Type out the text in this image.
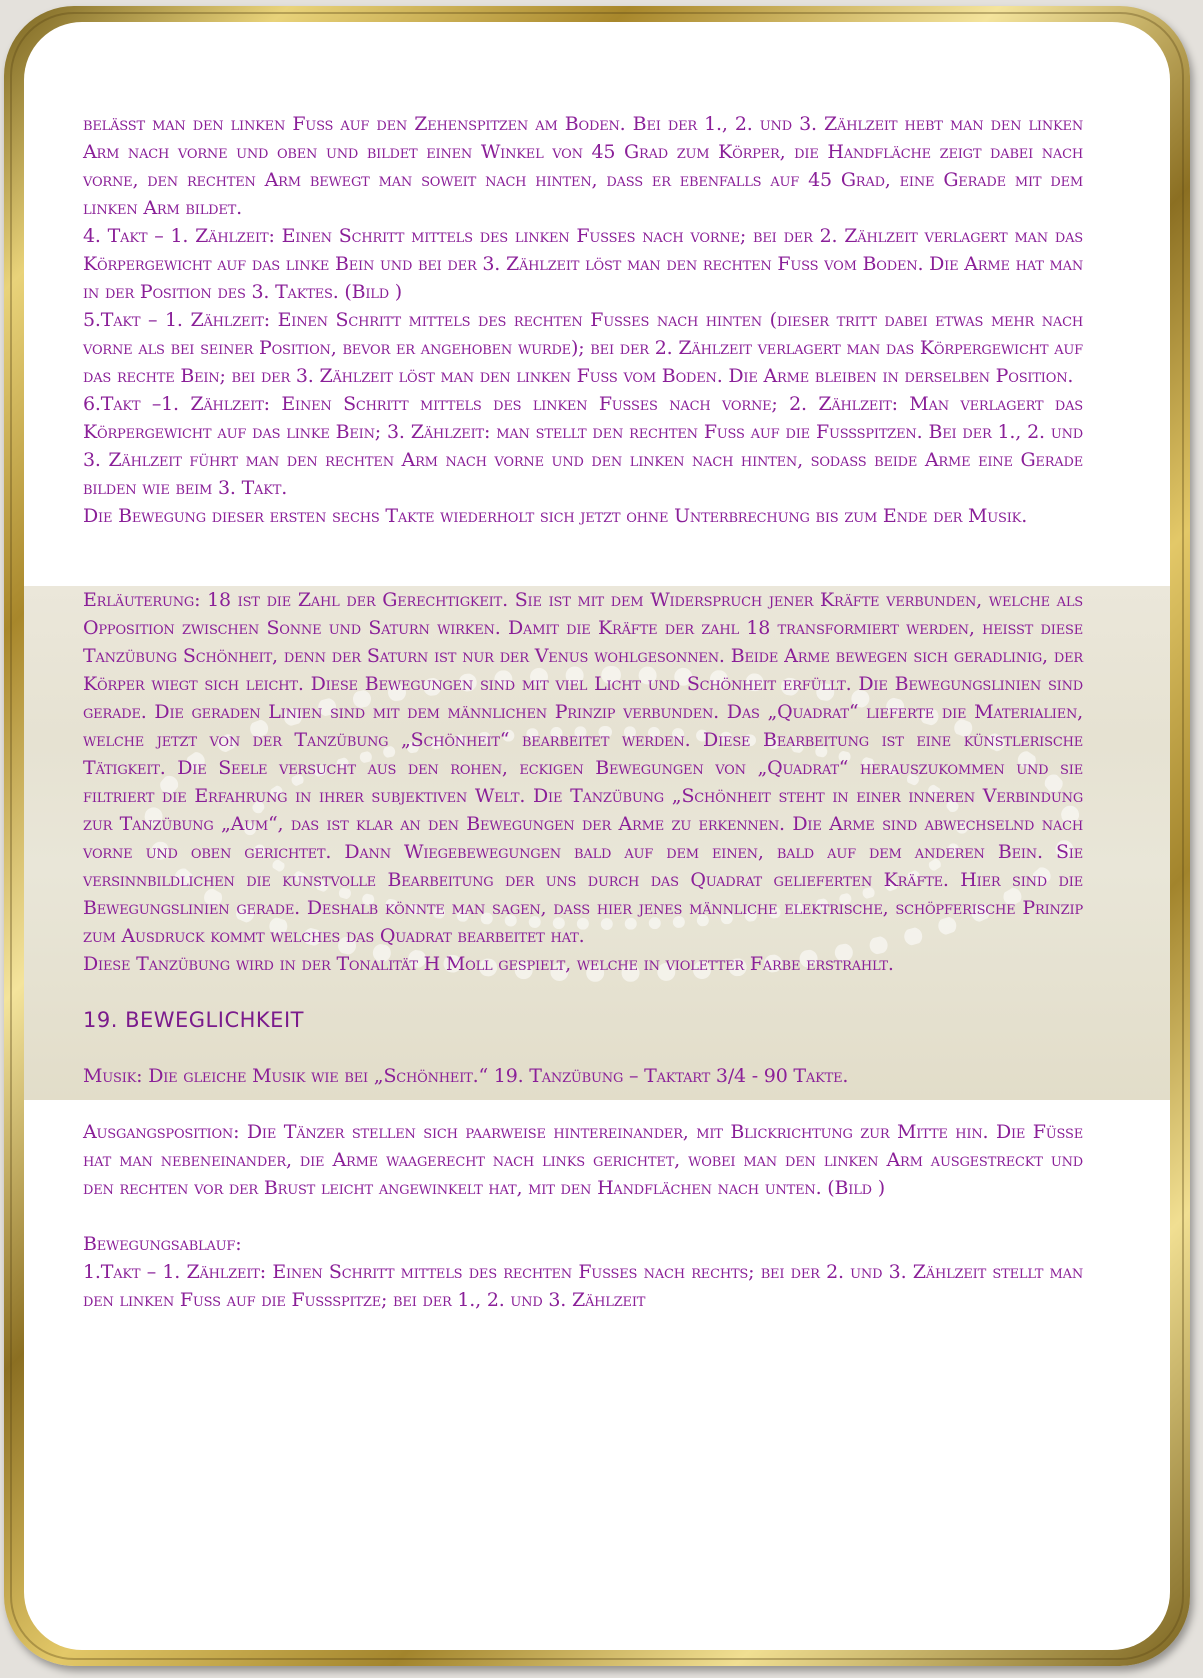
belässt man den linken Fuss auf den Zehenspitzen am Boden. Bei der 1., 2. und 3. Zählzeit hebt man den linken Arm nach vorne und oben und bildet einen Winkel von 45 Grad zum Körper, die Handfläche zeigt dabei nach vorne, den rechten Arm bewegt man soweit nach hinten, dass er ebenfalls auf 45 Grad, eine Gerade mit dem linken Arm bildet.

4. Takt – 1. Zählzeit: Einen Schritt mittels des linken Fusses nach vorne; bei der 2. Zählzeit verlagert man das Körpergewicht auf das linke Bein und bei der 3. Zählzeit löst man den rechten Fuss vom Boden. Die Arme hat man in der Position des 3. Taktes. (Bild )

5.Takt – 1. Zählzeit: Einen Schritt mittels des rechten Fusses nach hinten (dieser tritt dabei etwas mehr nach vorne als bei seiner Position, bevor er angehoben wurde); bei der 2. Zählzeit verlagert man das Körpergewicht auf das rechte Bein; bei der 3. Zählzeit löst man den linken Fuss vom Boden. Die Arme bleiben in derselben Position.

6.Takt –1. Zählzeit: Einen Schritt mittels des linken Fusses nach vorne; 2. Zählzeit: Man verlagert das Körpergewicht auf das linke Bein; 3. Zählzeit: man stellt den rechten Fuss auf die Fussspitzen. Bei der 1., 2. und 3. Zählzeit führt man den rechten Arm nach vorne und den linken nach hinten, sodass beide Arme eine Gerade bilden wie beim 3. Takt.

Die Bewegung dieser ersten sechs Takte wiederholt sich jetzt ohne Unterbrechung bis zum Ende der Musik.

Erläuterung: 18 ist die Zahl der Gerechtigkeit. Sie ist mit dem Widerspruch jener Kräfte verbunden, welche als Opposition zwischen Sonne und Saturn wirken. Damit die Kräfte der zahl 18 transformiert werden, heisst diese Tanzübung Schönheit, denn der Saturn ist nur der Venus wohlgesonnen. Beide Arme bewegen sich geradlinig, der Körper wiegt sich leicht. Diese Bewegungen sind mit viel Licht und Schönheit erfüllt. Die Bewegungslinien sind gerade. Die geraden Linien sind mit dem männlichen Prinzip verbunden. Das „Quadrat“ lieferte die Materialien, welche jetzt von der Tanzübung „Schönheit“ bearbeitet werden. Diese Bearbeitung ist eine künstlerische Tätigkeit. Die Seele versucht aus den rohen, eckigen Bewegungen von „Quadrat“ herauszukommen und sie filtriert die Erfahrung in ihrer subjektiven Welt. Die Tanzübung „Schönheit steht in einer inneren Verbindung zur Tanzübung „Aum“, das ist klar an den Bewegungen der Arme zu erkennen. Die Arme sind abwechselnd nach vorne und oben gerichtet. Dann Wiegebewegungen bald auf dem einen, bald auf dem anderen Bein. Sie versinnbildlichen die kunstvolle Bearbeitung der uns durch das Quadrat gelieferten Kräfte. Hier sind die Bewegungslinien gerade. Deshalb könnte man sagen, dass hier jenes männliche elektrische, schöpferische Prinzip zum Ausdruck kommt welches das Quadrat bearbeitet hat.

Diese Tanzübung wird in der Tonalität H Moll gespielt, welche in violetter Farbe erstrahlt.

19. BEWEGLICHKEIT

Musik: Die gleiche Musik wie bei „Schönheit.“ 19. Tanzübung – Taktart 3/4 - 90 Takte.

Ausgangsposition: Die Tänzer stellen sich paarweise hintereinander, mit Blickrichtung zur Mitte hin. Die Füsse hat man nebeneinander, die Arme waagerecht nach links gerichtet, wobei man den linken Arm ausgestreckt und den rechten vor der Brust leicht angewinkelt hat, mit den Handflächen nach unten. (Bild )

Bewegungsablauf:

1.Takt – 1. Zählzeit: Einen Schritt mittels des rechten Fusses nach rechts; bei der 2. und 3. Zählzeit stellt man den linken Fuss auf die Fussspitze; bei der 1., 2. und 3. Zählzeit
